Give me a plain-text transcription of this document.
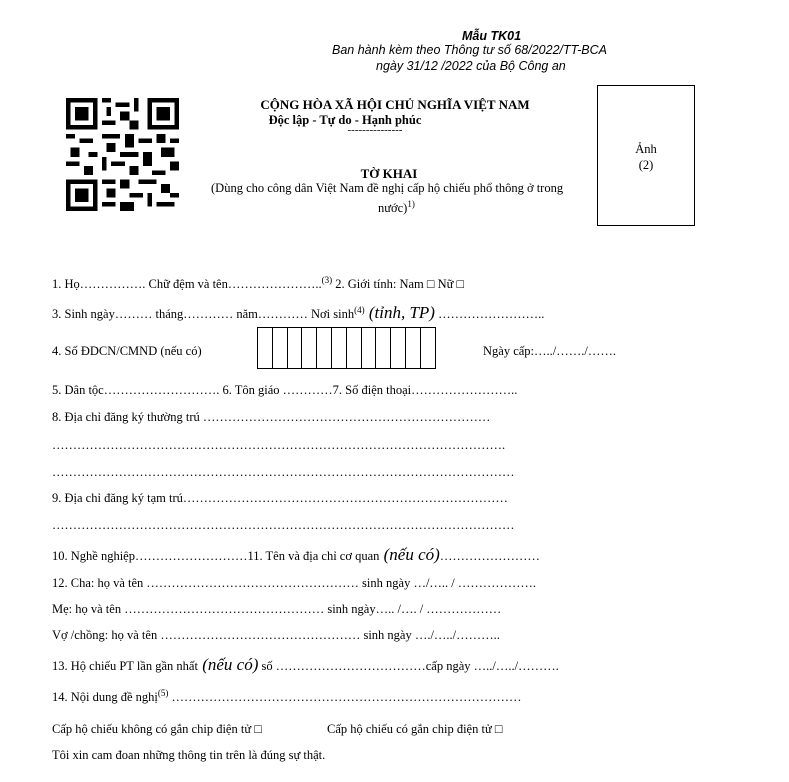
Mẫu TK01
Ban hành kèm theo Thông tư số 68/2022/TT-BCA
ngày 31/12 /2022 của Bộ Công an
CỘNG HÒA XÃ HỘI CHỦ NGHĨA VIỆT NAM
Độc lập - Tự do - Hạnh phúc
---------------
TỜ KHAI
(Dùng cho công dân Việt Nam đề nghị cấp hộ chiếu phổ thông ở trong
nước)$^{1)}$
Ảnh
(2)
1. Họ……………. Chữ đệm và tên…………………..$^{(3)}$ 2. Giới tính: Nam □ Nữ □
3. Sinh ngày……… tháng………… năm………… Nơi $\sinh^{(4)}$ (tỉnh, TP) ……………………..
4. Số ĐDCN/CMND (nếu có)	Ngày cấp:…../……./…….
5. Dân tộc………………………. 6. Tôn giáo …………7. Số điện thoại……………………..
8. Địa chỉ đăng ký thường trú ……………………………………………………………
……………………………………………………………………………………………….
…………………………………………………………………………………………………
9. Địa chỉ đăng ký tạm trú……………………………………………………………………
…………………………………………………………………………………………………
10. Nghề nghiệp………………………11. Tên và địa chỉ cơ quan (nếu có)……………………
12. Cha: họ và tên …………………………………………… sinh ngày …/….. / ……………….
Mẹ: họ và tên ………………………………………… sinh ngày….. /…. / ………………
Vợ /chồng: họ và tên ………………………………………… sinh ngày …./…../………..
13. Hộ chiếu PT lần gần nhất (nếu có) số ………………………………cấp ngày …../…../……….
14. Nội dung đề nghị$^{(5)}$ …………………………………………………………………………
Cấp hộ chiếu không có gắn chip điện tử □	Cấp hộ chiếu có gắn chip điện tử □
Tôi xin cam đoan những thông tin trên là đúng sự thật.
